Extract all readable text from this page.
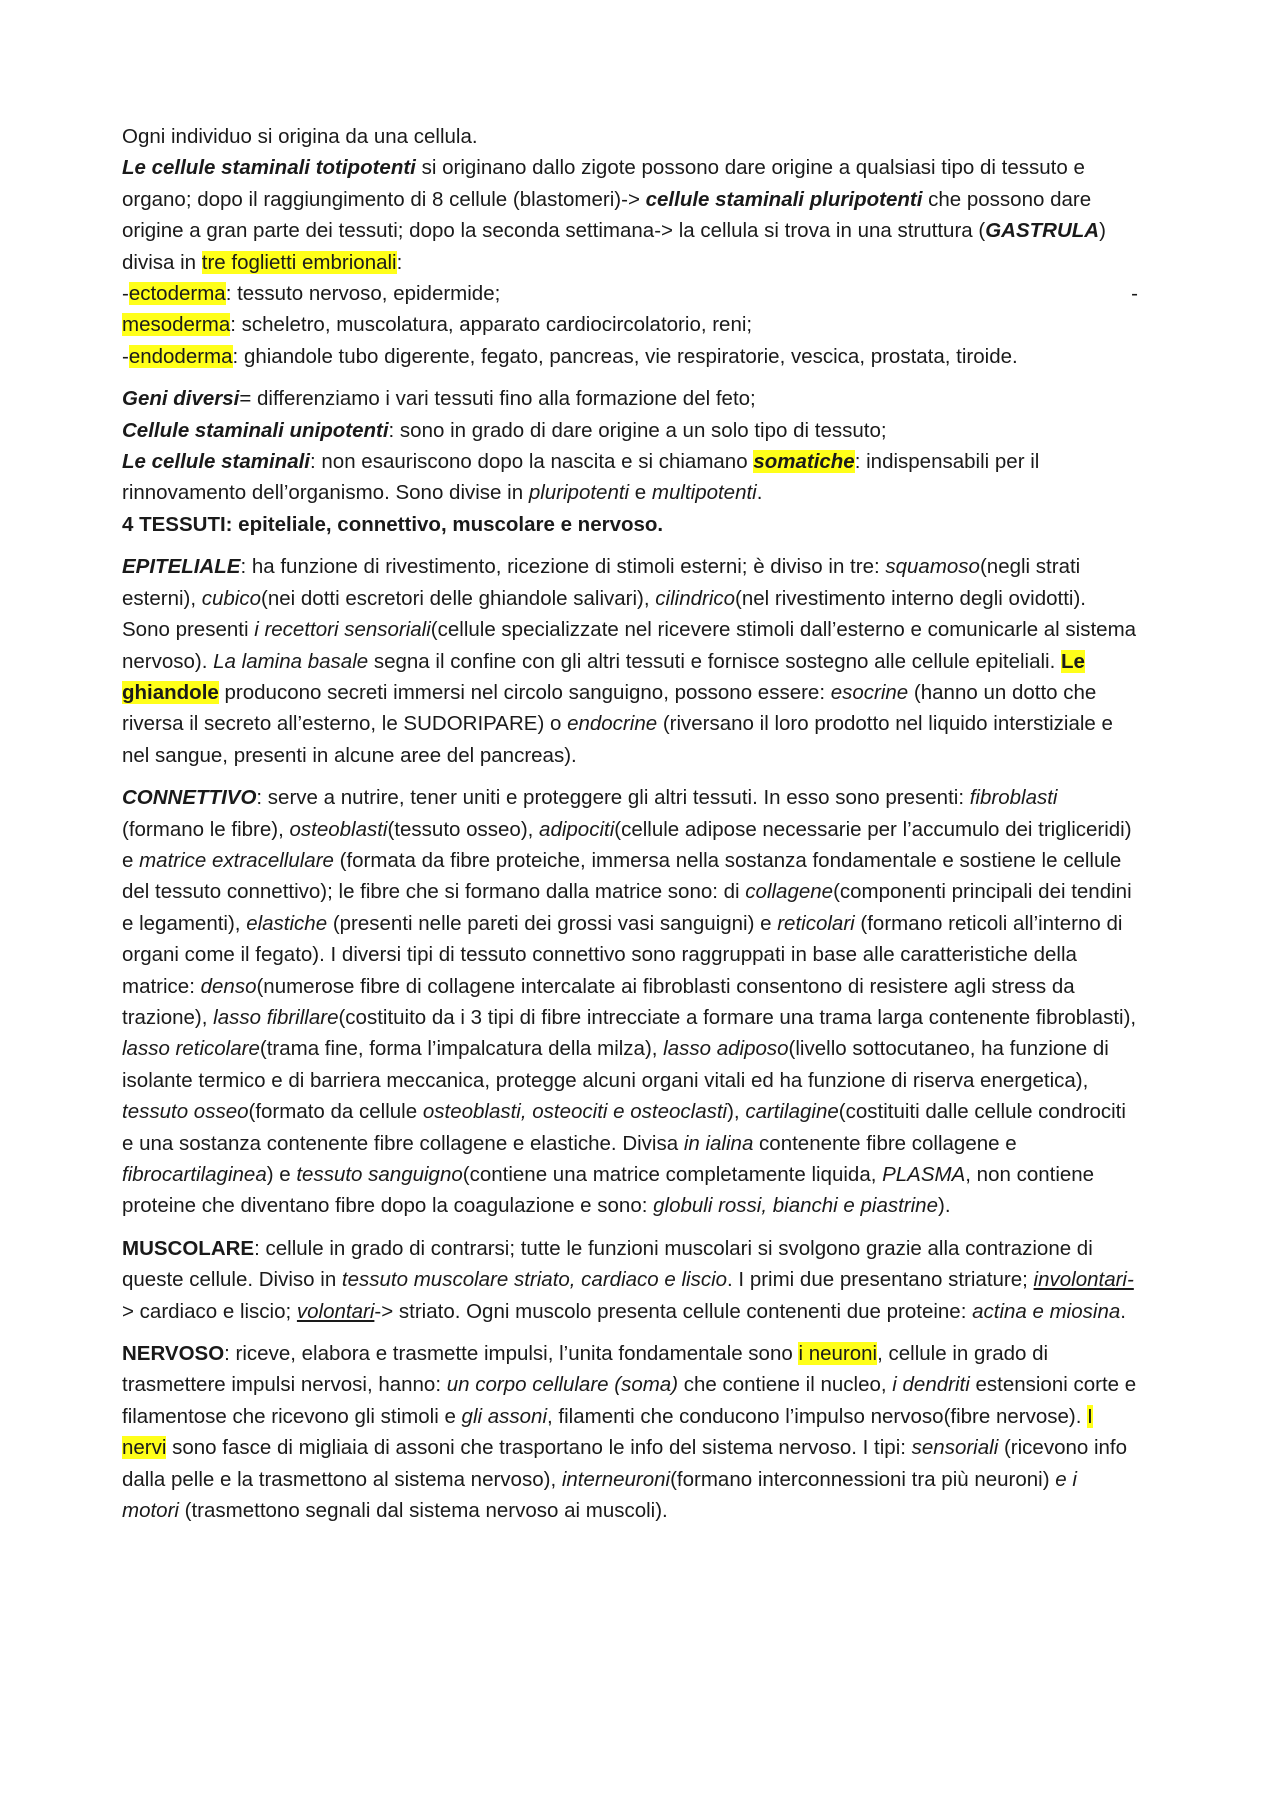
Ogni individuo si origina da una cellula.
Le cellule staminali totipotenti si originano dallo zigote possono dare origine a qualsiasi tipo di tessuto e organo; dopo il raggiungimento di 8 cellule (blastomeri)-> cellule staminali pluripotenti che possono dare origine a gran parte dei tessuti; dopo la seconda settimana-> la cellula si trova in una struttura (GASTRULA) divisa in tre foglietti embrionali:
-ectoderma: tessuto nervoso, epidermide;	-
mesoderma: scheletro, muscolatura, apparato cardiocircolatorio, reni;
-endoderma: ghiandole tubo digerente, fegato, pancreas, vie respiratorie, vescica, prostata, tiroide.
Geni diversi= differenziamo i vari tessuti fino alla formazione del feto;
Cellule staminali unipotenti: sono in grado di dare origine a un solo tipo di tessuto;
Le cellule staminali: non esauriscono dopo la nascita e si chiamano somatiche: indispensabili per il rinnovamento dell’organismo. Sono divise in pluripotenti e multipotenti.
4 TESSUTI: epiteliale, connettivo, muscolare e nervoso.
EPITELIALE: ha funzione di rivestimento, ricezione di stimoli esterni; è diviso in tre: squamoso(negli strati esterni), cubico(nei dotti escretori delle ghiandole salivari), cilindrico(nel rivestimento interno degli ovidotti). Sono presenti i recettori sensoriali(cellule specializzate nel ricevere stimoli dall’esterno e comunicarle al sistema nervoso). La lamina basale segna il confine con gli altri tessuti e fornisce sostegno alle cellule epiteliali. Le ghiandole producono secreti immersi nel circolo sanguigno, possono essere: esocrine (hanno un dotto che riversa il secreto all’esterno, le SUDORIPARE) o endocrine (riversano il loro prodotto nel liquido interstiziale e nel sangue, presenti in alcune aree del pancreas).
CONNETTIVO: serve a nutrire, tener uniti e proteggere gli altri tessuti. In esso sono presenti: fibroblasti (formano le fibre), osteoblasti(tessuto osseo), adipociti(cellule adipose necessarie per l’accumulo dei trigliceridi) e matrice extracellulare (formata da fibre proteiche, immersa nella sostanza fondamentale e sostiene le cellule del tessuto connettivo); le fibre che si formano dalla matrice sono: di collagene(componenti principali dei tendini e legamenti), elastiche (presenti nelle pareti dei grossi vasi sanguigni) e reticolari (formano reticoli all’interno di organi come il fegato). I diversi tipi di tessuto connettivo sono raggruppati in base alle caratteristiche della matrice: denso(numerose fibre di collagene intercalate ai fibroblasti consentono di resistere agli stress da trazione), lasso fibrillare(costituito da i 3 tipi di fibre intrecciate a formare una trama larga contenente fibroblasti), lasso reticolare(trama fine, forma l’impalcatura della milza), lasso adiposo(livello sottocutaneo, ha funzione di isolante termico e di barriera meccanica, protegge alcuni organi vitali ed ha funzione di riserva energetica), tessuto osseo(formato da cellule osteoblasti, osteociti e osteoclasti), cartilagine(costituiti dalle cellule condrociti e una sostanza contenente fibre collagene e elastiche. Divisa in ialina contenente fibre collagene e fibrocartilaginea) e tessuto sanguigno(contiene una matrice completamente liquida, PLASMA, non contiene proteine che diventano fibre dopo la coagulazione e sono: globuli rossi, bianchi e piastrine).
MUSCOLARE: cellule in grado di contrarsi; tutte le funzioni muscolari si svolgono grazie alla contrazione di queste cellule. Diviso in tessuto muscolare striato, cardiaco e liscio. I primi due presentano striature; involontari-> cardiaco e liscio; volontari-> striato. Ogni muscolo presenta cellule contenenti due proteine: actina e miosina.
NERVOSO: riceve, elabora e trasmette impulsi, l’unita fondamentale sono i neuroni, cellule in grado di trasmettere impulsi nervosi, hanno: un corpo cellulare (soma) che contiene il nucleo, i dendriti estensioni corte e filamentose che ricevono gli stimoli e gli assoni, filamenti che conducono l’impulso nervoso(fibre nervose). I nervi sono fasce di migliaia di assoni che trasportano le info del sistema nervoso. I tipi: sensoriali (ricevono info dalla pelle e la trasmettono al sistema nervoso), interneuroni(formano interconnessioni tra più neuroni) e i motori (trasmettono segnali dal sistema nervoso ai muscoli).
